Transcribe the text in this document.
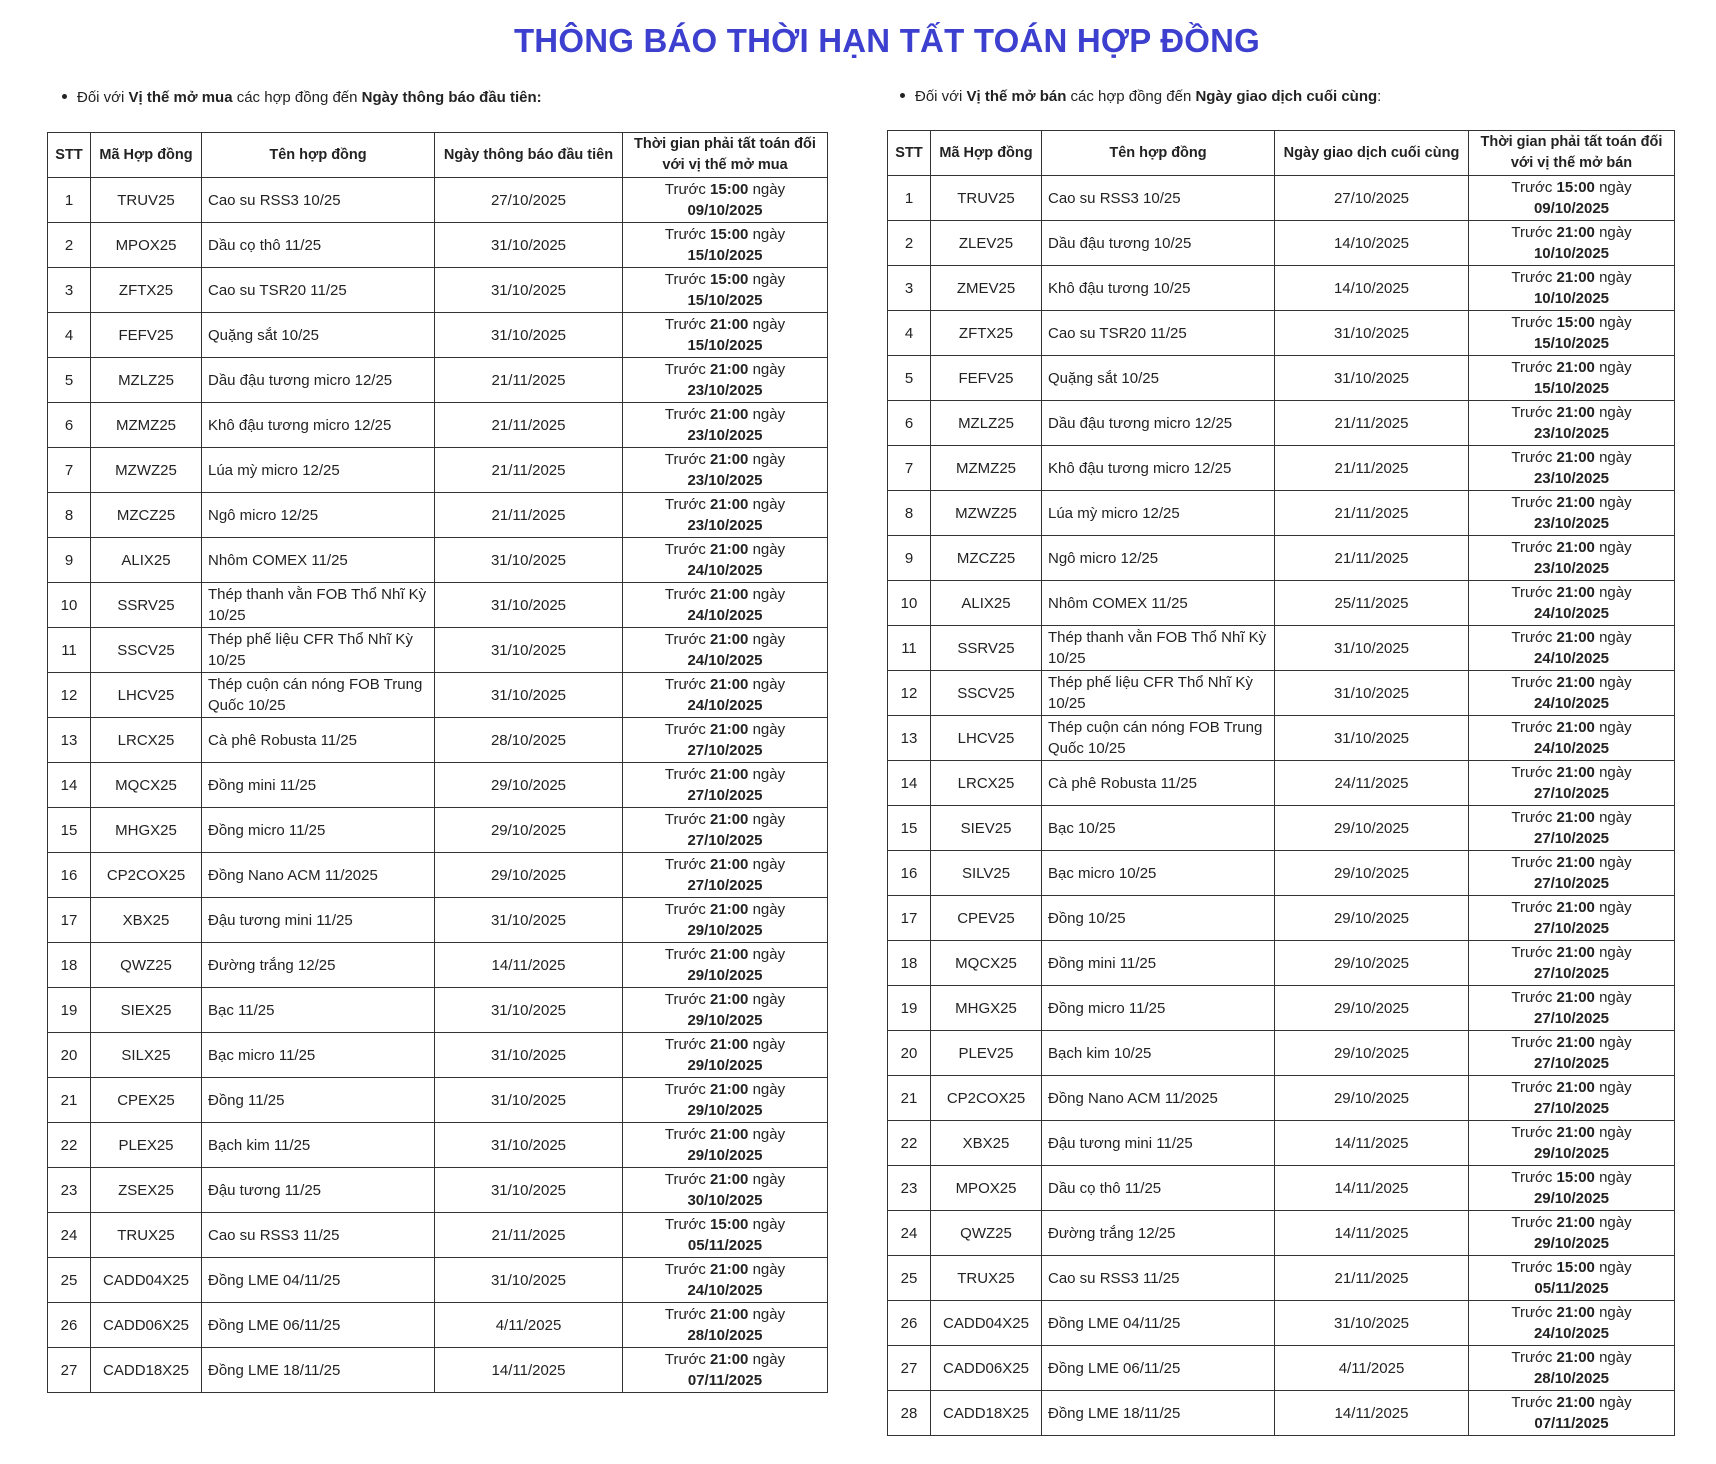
THÔNG BÁO THỜI HẠN TẤT TOÁN HỢP ĐỒNG
Đối với Vị thế mở mua các hợp đồng đến Ngày thông báo đầu tiên:	Đối với Vị thế mở bán các hợp đồng đến Ngày giao dịch cuối cùng:
STT	Mã Hợp đồng	Tên hợp đồng	Ngày thông báo đầu tiên	Thời gian phải tất toán đối với vị thế mở mua
1	TRUV25	Cao su RSS3 10/25	27/10/2025	Trước 15:00 ngày
09/10/2025
2	MPOX25	Dầu cọ thô 11/25	31/10/2025	Trước 15:00 ngày
15/10/2025
3	ZFTX25	Cao su TSR20 11/25	31/10/2025	Trước 15:00 ngày
15/10/2025
4	FEFV25	Quặng sắt 10/25	31/10/2025	Trước 21:00 ngày
15/10/2025
5	MZLZ25	Dầu đậu tương micro 12/25	21/11/2025	Trước 21:00 ngày
23/10/2025
6	MZMZ25	Khô đậu tương micro 12/25	21/11/2025	Trước 21:00 ngày
23/10/2025
7	MZWZ25	Lúa mỳ micro 12/25	21/11/2025	Trước 21:00 ngày
23/10/2025
8	MZCZ25	Ngô micro 12/25	21/11/2025	Trước 21:00 ngày
23/10/2025
9	ALIX25	Nhôm COMEX 11/25	31/10/2025	Trước 21:00 ngày
24/10/2025
10	SSRV25	Thép thanh vằn FOB Thổ Nhĩ Kỳ 10/25	31/10/2025	Trước 21:00 ngày
24/10/2025
11	SSCV25	Thép phế liệu CFR Thổ Nhĩ Kỳ 10/25	31/10/2025	Trước 21:00 ngày
24/10/2025
12	LHCV25	Thép cuộn cán nóng FOB Trung Quốc 10/25	31/10/2025	Trước 21:00 ngày
24/10/2025
13	LRCX25	Cà phê Robusta 11/25	28/10/2025	Trước 21:00 ngày
27/10/2025
14	MQCX25	Đồng mini 11/25	29/10/2025	Trước 21:00 ngày
27/10/2025
15	MHGX25	Đồng micro 11/25	29/10/2025	Trước 21:00 ngày
27/10/2025
16	CP2COX25	Đồng Nano ACM 11/2025	29/10/2025	Trước 21:00 ngày
27/10/2025
17	XBX25	Đậu tương mini 11/25	31/10/2025	Trước 21:00 ngày
29/10/2025
18	QWZ25	Đường trắng 12/25	14/11/2025	Trước 21:00 ngày
29/10/2025
19	SIEX25	Bạc 11/25	31/10/2025	Trước 21:00 ngày
29/10/2025
20	SILX25	Bạc micro 11/25	31/10/2025	Trước 21:00 ngày
29/10/2025
21	CPEX25	Đồng 11/25	31/10/2025	Trước 21:00 ngày
29/10/2025
22	PLEX25	Bạch kim 11/25	31/10/2025	Trước 21:00 ngày
29/10/2025
23	ZSEX25	Đậu tương 11/25	31/10/2025	Trước 21:00 ngày
30/10/2025
24	TRUX25	Cao su RSS3 11/25	21/11/2025	Trước 15:00 ngày
05/11/2025
25	CADD04X25	Đồng LME 04/11/25	31/10/2025	Trước 21:00 ngày
24/10/2025
26	CADD06X25	Đồng LME 06/11/25	4/11/2025	Trước 21:00 ngày
28/10/2025
27	CADD18X25	Đồng LME 18/11/25	14/11/2025	Trước 21:00 ngày
07/11/2025
STT	Mã Hợp đồng	Tên hợp đồng	Ngày giao dịch cuối cùng	Thời gian phải tất toán đối với vị thế mở bán
1	TRUV25	Cao su RSS3 10/25	27/10/2025	Trước 15:00 ngày
09/10/2025
2	ZLEV25	Dầu đậu tương 10/25	14/10/2025	Trước 21:00 ngày
10/10/2025
3	ZMEV25	Khô đậu tương 10/25	14/10/2025	Trước 21:00 ngày
10/10/2025
4	ZFTX25	Cao su TSR20 11/25	31/10/2025	Trước 15:00 ngày
15/10/2025
5	FEFV25	Quặng sắt 10/25	31/10/2025	Trước 21:00 ngày
15/10/2025
6	MZLZ25	Dầu đậu tương micro 12/25	21/11/2025	Trước 21:00 ngày
23/10/2025
7	MZMZ25	Khô đậu tương micro 12/25	21/11/2025	Trước 21:00 ngày
23/10/2025
8	MZWZ25	Lúa mỳ micro 12/25	21/11/2025	Trước 21:00 ngày
23/10/2025
9	MZCZ25	Ngô micro 12/25	21/11/2025	Trước 21:00 ngày
23/10/2025
10	ALIX25	Nhôm COMEX 11/25	25/11/2025	Trước 21:00 ngày
24/10/2025
11	SSRV25	Thép thanh vằn FOB Thổ Nhĩ Kỳ 10/25	31/10/2025	Trước 21:00 ngày
24/10/2025
12	SSCV25	Thép phế liệu CFR Thổ Nhĩ Kỳ 10/25	31/10/2025	Trước 21:00 ngày
24/10/2025
13	LHCV25	Thép cuộn cán nóng FOB Trung Quốc 10/25	31/10/2025	Trước 21:00 ngày
24/10/2025
14	LRCX25	Cà phê Robusta 11/25	24/11/2025	Trước 21:00 ngày
27/10/2025
15	SIEV25	Bạc 10/25	29/10/2025	Trước 21:00 ngày
27/10/2025
16	SILV25	Bạc micro 10/25	29/10/2025	Trước 21:00 ngày
27/10/2025
17	CPEV25	Đồng 10/25	29/10/2025	Trước 21:00 ngày
27/10/2025
18	MQCX25	Đồng mini 11/25	29/10/2025	Trước 21:00 ngày
27/10/2025
19	MHGX25	Đồng micro 11/25	29/10/2025	Trước 21:00 ngày
27/10/2025
20	PLEV25	Bạch kim 10/25	29/10/2025	Trước 21:00 ngày
27/10/2025
21	CP2COX25	Đồng Nano ACM 11/2025	29/10/2025	Trước 21:00 ngày
27/10/2025
22	XBX25	Đậu tương mini 11/25	14/11/2025	Trước 21:00 ngày
29/10/2025
23	MPOX25	Dầu cọ thô 11/25	14/11/2025	Trước 15:00 ngày
29/10/2025
24	QWZ25	Đường trắng 12/25	14/11/2025	Trước 21:00 ngày
29/10/2025
25	TRUX25	Cao su RSS3 11/25	21/11/2025	Trước 15:00 ngày
05/11/2025
26	CADD04X25	Đồng LME 04/11/25	31/10/2025	Trước 21:00 ngày
24/10/2025
27	CADD06X25	Đồng LME 06/11/25	4/11/2025	Trước 21:00 ngày
28/10/2025
28	CADD18X25	Đồng LME 18/11/25	14/11/2025	Trước 21:00 ngày
07/11/2025
